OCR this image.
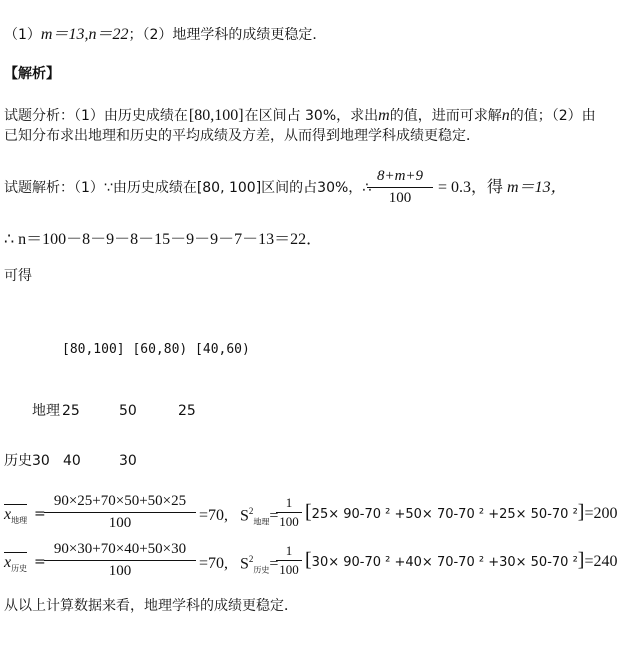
（1）m＝13,n＝22；（2）地理学科的成绩更稳定．
【解析】
试题分析：（1）由历史成绩在[80,100]在区间占 30%，求出m的值，进而可求解n的值；（2）由
已知分布求出地理和历史的平均成绩及方差，从而得到地理学科成绩更稳定．
试题解析：（1）∵由历史成绩在[80, 100]区间的占30%，∴
8+m+9
100
= 0.3，得 m＝13，
∴ n＝100－8－9－8－15－9－9－7－13＝22．
可得
[80,100] [60,80) [40,60)
地理 25	50	25
历史 30 40	30
$x_{地理}$ =
90×25+70×50+50×25
100	=70, $S^2_{地理}=$
1
100 [25× 90-70 ² +50× 70-70 ² +25× 50-70 ²]=200
$x_{历史}$ =
90×30+70×40+50×30
100	=70, $S^2_{历史}=$
1
100 [30× 90-70 ² +40× 70-70 ² +30× 50-70 ²]=240
从以上计算数据来看，地理学科的成绩更稳定．
